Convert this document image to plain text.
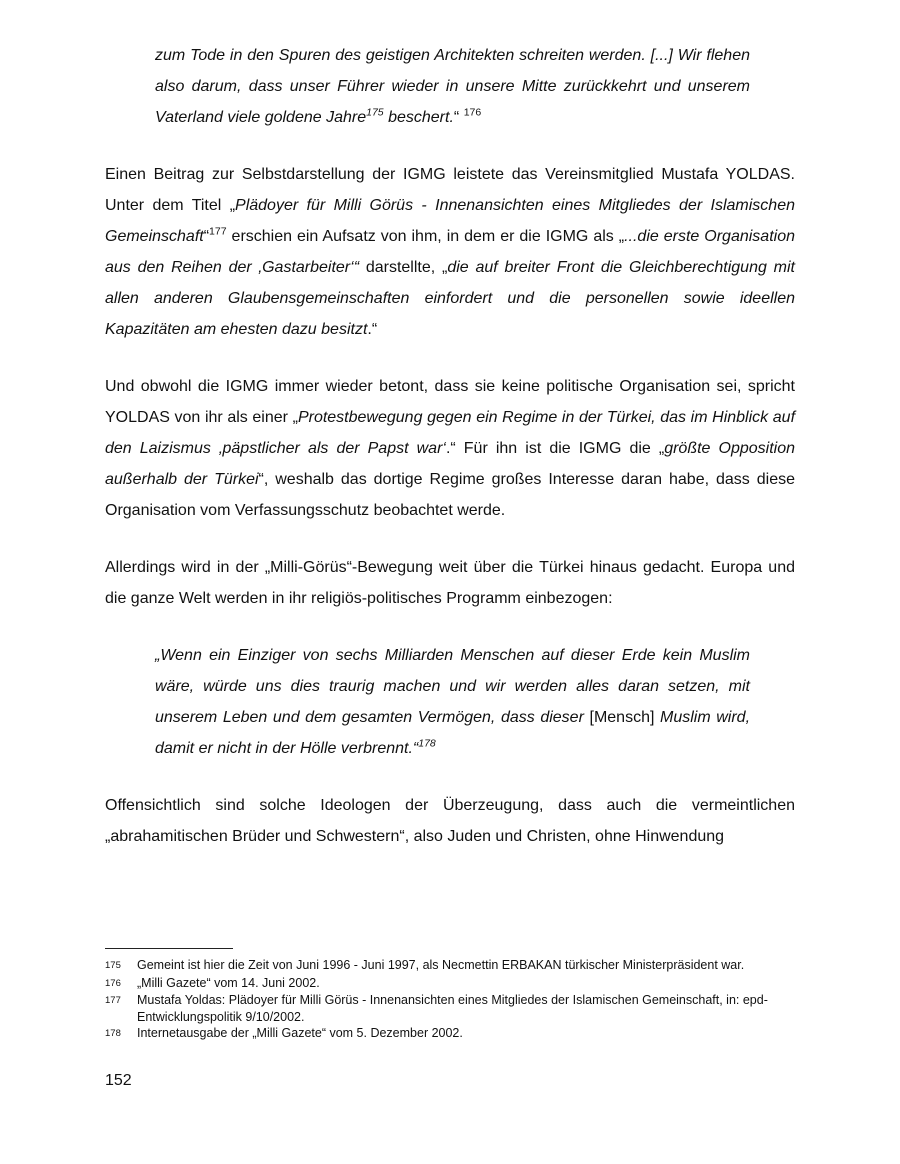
zum Tode in den Spuren des geistigen Architekten schreiten werden. [...] Wir flehen also darum, dass unser Führer wieder in unsere Mitte zurückkehrt und unserem Vaterland viele goldene Jahre$^{175}$ beschert.“ $^{176}$

Einen Beitrag zur Selbstdarstellung der IGMG leistete das Vereinsmitglied Mustafa YOLDAS. Unter dem Titel „Plädoyer für Milli Görüs - Innenansichten eines Mitgliedes der Islamischen Gemeinschaft“$^{177}$ erschien ein Aufsatz von ihm, in dem er die IGMG als „...die erste Organisation aus den Reihen der ‚Gastarbeiter‘“ darstellte, „die auf breiter Front die Gleichberechtigung mit allen anderen Glaubensgemeinschaften einfordert und die personellen sowie ideellen Kapazitäten am ehesten dazu besitzt.“

Und obwohl die IGMG immer wieder betont, dass sie keine politische Organisation sei, spricht YOLDAS von ihr als einer „Protestbewegung gegen ein Regime in der Türkei, das im Hinblick auf den Laizismus ‚päpstlicher als der Papst war‘.“ Für ihn ist die IGMG die „größte Opposition außerhalb der Türkei“, weshalb das dortige Regime großes Interesse daran habe, dass diese Organisation vom Verfassungsschutz beobachtet werde.

Allerdings wird in der „Milli-Görüs“-Bewegung weit über die Türkei hinaus gedacht. Europa und die ganze Welt werden in ihr religiös-politisches Programm einbezogen:

„Wenn ein Einziger von sechs Milliarden Menschen auf dieser Erde kein Muslim wäre, würde uns dies traurig machen und wir werden alles daran setzen, mit unserem Leben und dem gesamten Vermögen, dass dieser [Mensch] Muslim wird, damit er nicht in der Hölle verbrennt.“$^{178}$

Offensichtlich sind solche Ideologen der Überzeugung, dass auch die vermeintlichen „abrahamitischen Brüder und Schwestern“, also Juden und Christen, ohne Hinwendung

175	Gemeint ist hier die Zeit von Juni 1996 - Juni 1997, als Necmettin ERBAKAN türkischer Ministerpräsident war.
176	„Milli Gazete“ vom 14. Juni 2002.
177	Mustafa Yoldas: Plädoyer für Milli Görüs - Innenansichten eines Mitgliedes der Islamischen Gemeinschaft, in: epd-Entwicklungspolitik 9/10/2002.
178	Internetausgabe der „Milli Gazete“ vom 5. Dezember 2002.
152
